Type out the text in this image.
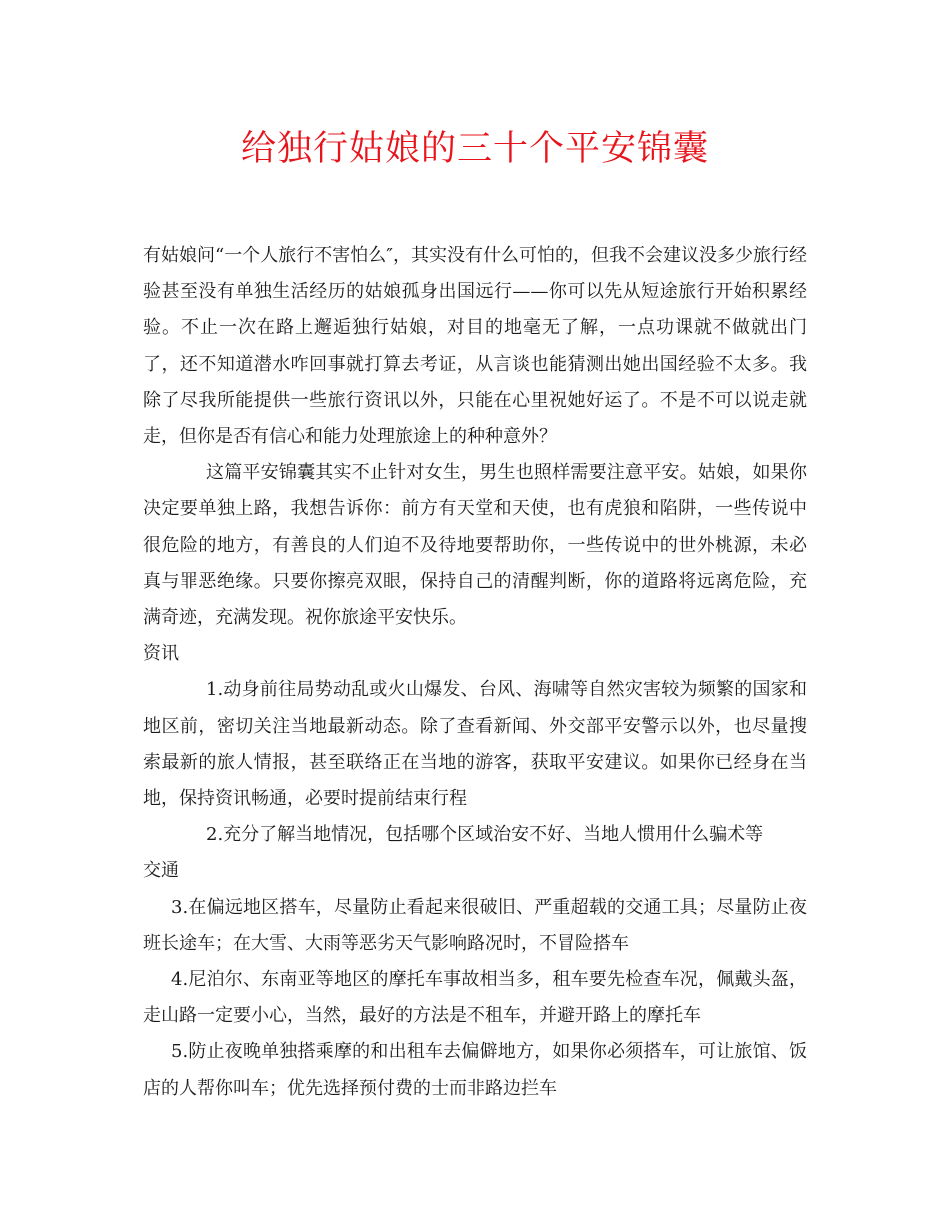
给独行姑娘的三十个平安锦囊

有姑娘问“一个人旅行不害怕么″，其实没有什么可怕的，但我不会建议没多少旅行经验甚至没有单独生活经历的姑娘孤身出国远行——你可以先从短途旅行开始积累经验。不止一次在路上邂逅独行姑娘，对目的地毫无了解，一点功课就不做就出门了，还不知道潜水咋回事就打算去考证，从言谈也能猜测出她出国经验不太多。我除了尽我所能提供一些旅行资讯以外，只能在心里祝她好运了。不是不可以说走就走，但你是否有信心和能力处理旅途上的种种意外？

这篇平安锦囊其实不止针对女生，男生也照样需要注意平安。姑娘，如果你决定要单独上路，我想告诉你：前方有天堂和天使，也有虎狼和陷阱，一些传说中很危险的地方，有善良的人们迫不及待地要帮助你，一些传说中的世外桃源，未必真与罪恶绝缘。只要你擦亮双眼，保持自己的清醒判断，你的道路将远离危险，充满奇迹，充满发现。祝你旅途平安快乐。

资讯

1.动身前往局势动乱或火山爆发、台风、海啸等自然灾害较为频繁的国家和地区前，密切关注当地最新动态。除了查看新闻、外交部平安警示以外，也尽量搜索最新的旅人情报，甚至联络正在当地的游客，获取平安建议。如果你已经身在当地，保持资讯畅通，必要时提前结束行程

2.充分了解当地情况，包括哪个区域治安不好、当地人惯用什么骗术等

交通

3.在偏远地区搭车，尽量防止看起来很破旧、严重超载的交通工具；尽量防止夜班长途车；在大雪、大雨等恶劣天气影响路况时，不冒险搭车

4.尼泊尔、东南亚等地区的摩托车事故相当多，租车要先检查车况，佩戴头盔，走山路一定要小心，当然，最好的方法是不租车，并避开路上的摩托车

5.防止夜晚单独搭乘摩的和出租车去偏僻地方，如果你必须搭车，可让旅馆、饭店的人帮你叫车；优先选择预付费的士而非路边拦车
